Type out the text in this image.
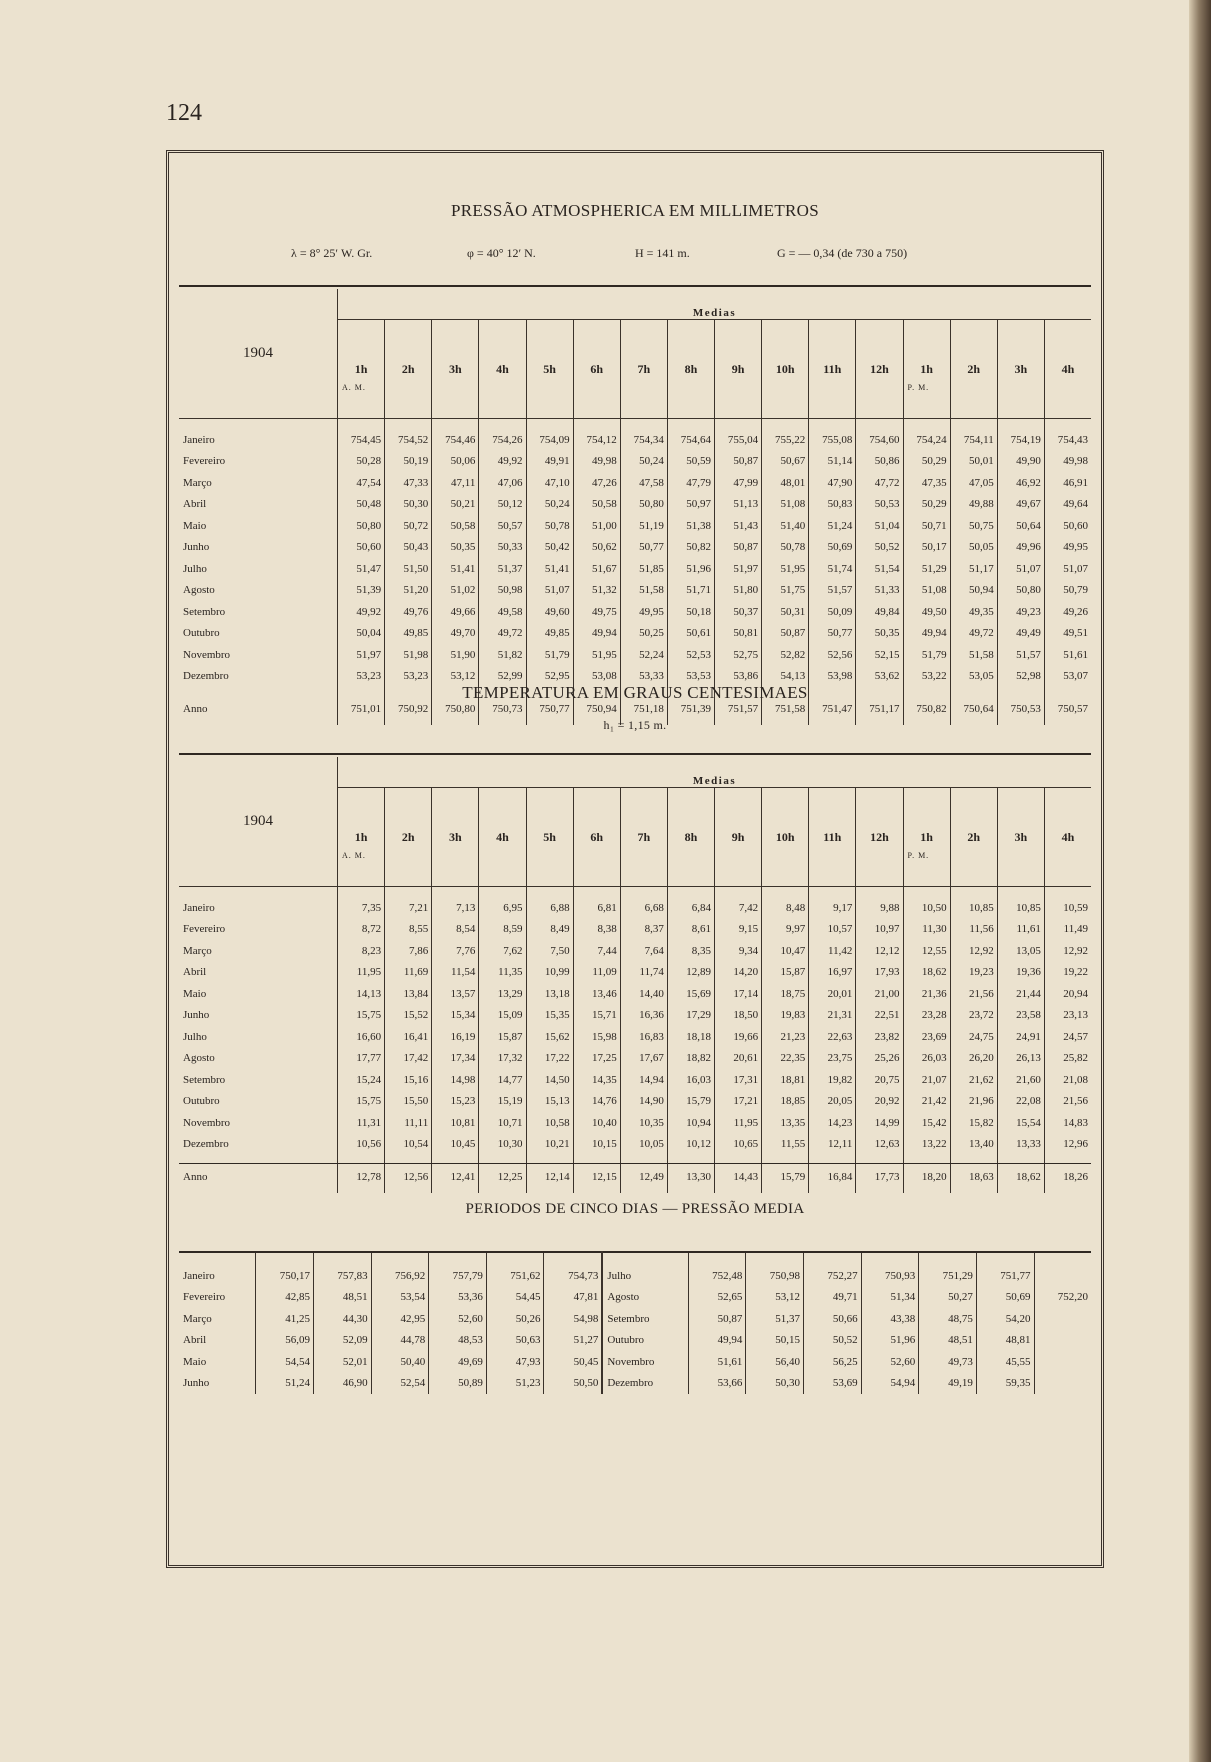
124
PRESSÃO ATMOSPHERICA EM MILLIMETROS
λ = 8° 25′ W. Gr.	φ = 40° 12′ N.	H = 141 m.	G = — 0,34 (de 730 a 750)
1904	Medias															
	1h
A. M.	2h	3h	4h	5h	6h	7h	8h	9h	10h	11h	12h	1h
P. M.	2h	3h	4h
Janeiro	754,45	754,52	754,46	754,26	754,09	754,12	754,34	754,64	755,04	755,22	755,08	754,60	754,24	754,11	754,19	754,43
Fevereiro	50,28	50,19	50,06	49,92	49,91	49,98	50,24	50,59	50,87	50,67	51,14	50,86	50,29	50,01	49,90	49,98
Março	47,54	47,33	47,11	47,06	47,10	47,26	47,58	47,79	47,99	48,01	47,90	47,72	47,35	47,05	46,92	46,91
Abril	50,48	50,30	50,21	50,12	50,24	50,58	50,80	50,97	51,13	51,08	50,83	50,53	50,29	49,88	49,67	49,64
Maio	50,80	50,72	50,58	50,57	50,78	51,00	51,19	51,38	51,43	51,40	51,24	51,04	50,71	50,75	50,64	50,60
Junho	50,60	50,43	50,35	50,33	50,42	50,62	50,77	50,82	50,87	50,78	50,69	50,52	50,17	50,05	49,96	49,95
Julho	51,47	51,50	51,41	51,37	51,41	51,67	51,85	51,96	51,97	51,95	51,74	51,54	51,29	51,17	51,07	51,07
Agosto	51,39	51,20	51,02	50,98	51,07	51,32	51,58	51,71	51,80	51,75	51,57	51,33	51,08	50,94	50,80	50,79
Setembro	49,92	49,76	49,66	49,58	49,60	49,75	49,95	50,18	50,37	50,31	50,09	49,84	49,50	49,35	49,23	49,26
Outubro	50,04	49,85	49,70	49,72	49,85	49,94	50,25	50,61	50,81	50,87	50,77	50,35	49,94	49,72	49,49	49,51
Novembro	51,97	51,98	51,90	51,82	51,79	51,95	52,24	52,53	52,75	52,82	52,56	52,15	51,79	51,58	51,57	51,61
Dezembro	53,23	53,23	53,12	52,99	52,95	53,08	53,33	53,53	53,86	54,13	53,98	53,62	53,22	53,05	52,98	53,07
Anno	751,01	750,92	750,80	750,73	750,77	750,94	751,18	751,39	751,57	751,58	751,47	751,17	750,82	750,64	750,53	750,57
TEMPERATURA EM GRAUS CENTESIMAES
h₁ = 1,15 m.
1904	Medias															
	1h
A. M.	2h	3h	4h	5h	6h	7h	8h	9h	10h	11h	12h	1h
P. M.	2h	3h	4h
Janeiro	7,35	7,21	7,13	6,95	6,88	6,81	6,68	6,84	7,42	8,48	9,17	9,88	10,50	10,85	10,85	10,59
Fevereiro	8,72	8,55	8,54	8,59	8,49	8,38	8,37	8,61	9,15	9,97	10,57	10,97	11,30	11,56	11,61	11,49
Março	8,23	7,86	7,76	7,62	7,50	7,44	7,64	8,35	9,34	10,47	11,42	12,12	12,55	12,92	13,05	12,92
Abril	11,95	11,69	11,54	11,35	10,99	11,09	11,74	12,89	14,20	15,87	16,97	17,93	18,62	19,23	19,36	19,22
Maio	14,13	13,84	13,57	13,29	13,18	13,46	14,40	15,69	17,14	18,75	20,01	21,00	21,36	21,56	21,44	20,94
Junho	15,75	15,52	15,34	15,09	15,35	15,71	16,36	17,29	18,50	19,83	21,31	22,51	23,28	23,72	23,58	23,13
Julho	16,60	16,41	16,19	15,87	15,62	15,98	16,83	18,18	19,66	21,23	22,63	23,82	23,69	24,75	24,91	24,57
Agosto	17,77	17,42	17,34	17,32	17,22	17,25	17,67	18,82	20,61	22,35	23,75	25,26	26,03	26,20	26,13	25,82
Setembro	15,24	15,16	14,98	14,77	14,50	14,35	14,94	16,03	17,31	18,81	19,82	20,75	21,07	21,62	21,60	21,08
Outubro	15,75	15,50	15,23	15,19	15,13	14,76	14,90	15,79	17,21	18,85	20,05	20,92	21,42	21,96	22,08	21,56
Novembro	11,31	11,11	10,81	10,71	10,58	10,40	10,35	10,94	11,95	13,35	14,23	14,99	15,42	15,82	15,54	14,83
Dezembro	10,56	10,54	10,45	10,30	10,21	10,15	10,05	10,12	10,65	11,55	12,11	12,63	13,22	13,40	13,33	12,96
Anno	12,78	12,56	12,41	12,25	12,14	12,15	12,49	13,30	14,43	15,79	16,84	17,73	18,20	18,63	18,62	18,26
PERIODOS DE CINCO DIAS — PRESSÃO MEDIA
Janeiro	750,17	757,83	756,92	757,79	751,62	754,73	Julho	752,48	750,98	752,27	750,93	751,29	751,77	
Fevereiro	42,85	48,51	53,54	53,36	54,45	47,81	Agosto	52,65	53,12	49,71	51,34	50,27	50,69	752,20
Março	41,25	44,30	42,95	52,60	50,26	54,98	Setembro	50,87	51,37	50,66	43,38	48,75	54,20	
Abril	56,09	52,09	44,78	48,53	50,63	51,27	Outubro	49,94	50,15	50,52	51,96	48,51	48,81	
Maio	54,54	52,01	50,40	49,69	47,93	50,45	Novembro	51,61	56,40	56,25	52,60	49,73	45,55	
Junho	51,24	46,90	52,54	50,89	51,23	50,50	Dezembro	53,66	50,30	53,69	54,94	49,19	59,35	
